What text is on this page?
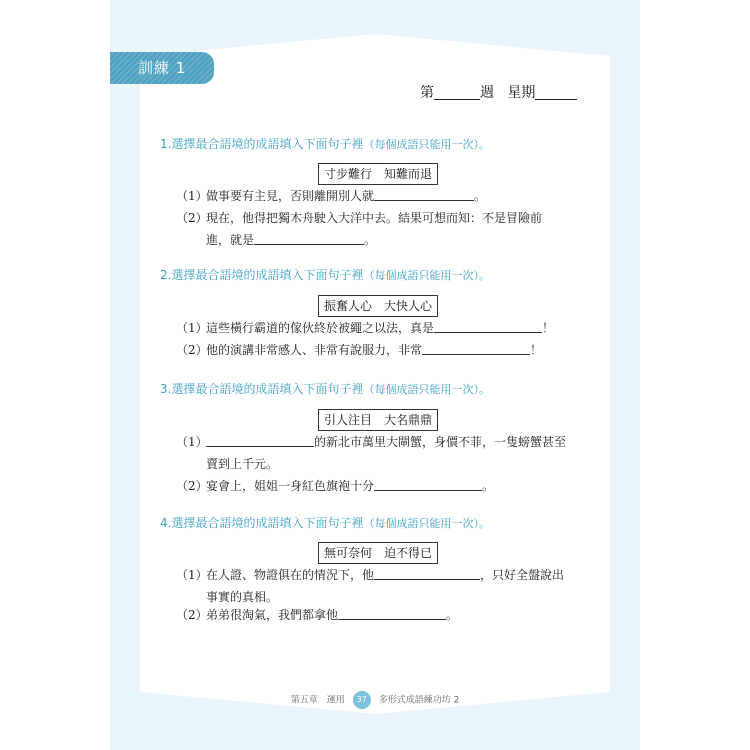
訓練 1
第	週 星期
1.選擇最合語境的成語填入下面句子裡（每個成語只能用一次）。
寸步難行　知難而退
（1）做事要有主見，否則離開別人就	。
（2）現在，他得把獨木舟駛入大洋中去。結果可想而知：不是冒險前
進，就是	。
2.選擇最合語境的成語填入下面句子裡（每個成語只能用一次）。
振奮人心　大快人心
（1）這些橫行霸道的傢伙終於被繩之以法，真是	！
（2）他的演講非常感人、非常有說服力，非常	！
3.選擇最合語境的成語填入下面句子裡（每個成語只能用一次）。
引人注目　大名鼎鼎
（1）	的新北市萬里大閘蟹，身價不菲，一隻螃蟹甚至
賣到上千元。
（2）宴會上，姐姐一身紅色旗袍十分	。
4.選擇最合語境的成語填入下面句子裡（每個成語只能用一次）。
無可奈何　迫不得已
（1）在人證、物證俱在的情況下，他	，只好全盤說出
事實的真相。
（2）弟弟很淘氣，我們都拿他	。
第五章　運用 37 多形式成語練功坊 2
